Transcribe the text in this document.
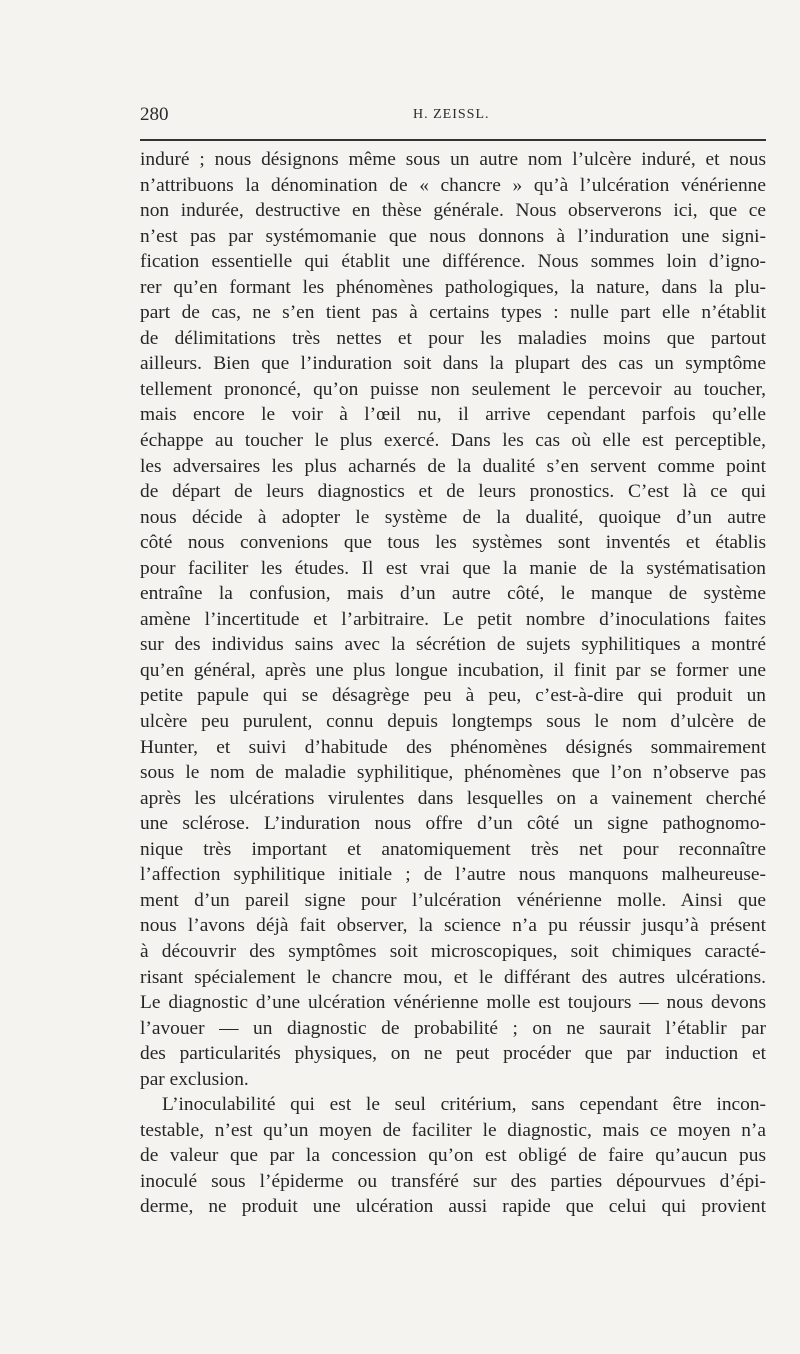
280	H. ZEISSL.
induré ; nous désignons même sous un autre nom l’ulcère induré, et nous
n’attribuons la dénomination de « chancre » qu’à l’ulcération vénérienne
non indurée, destructive en thèse générale. Nous observerons ici, que ce
n’est pas par systémomanie que nous donnons à l’induration une signi-
fication essentielle qui établit une différence. Nous sommes loin d’igno-
rer qu’en formant les phénomènes pathologiques, la nature, dans la plu-
part de cas, ne s’en tient pas à certains types : nulle part elle n’établit
de délimitations très nettes et pour les maladies moins que partout
ailleurs. Bien que l’induration soit dans la plupart des cas un symptôme
tellement prononcé, qu’on puisse non seulement le percevoir au toucher,
mais encore le voir à l’œil nu, il arrive cependant parfois qu’elle
échappe au toucher le plus exercé. Dans les cas où elle est perceptible,
les adversaires les plus acharnés de la dualité s’en servent comme point
de départ de leurs diagnostics et de leurs pronostics. C’est là ce qui
nous décide à adopter le système de la dualité, quoique d’un autre
côté nous convenions que tous les systèmes sont inventés et établis
pour faciliter les études. Il est vrai que la manie de la systématisation
entraîne la confusion, mais d’un autre côté, le manque de système
amène l’incertitude et l’arbitraire. Le petit nombre d’inoculations faites
sur des individus sains avec la sécrétion de sujets syphilitiques a montré
qu’en général, après une plus longue incubation, il finit par se former une
petite papule qui se désagrège peu à peu, c’est-à-dire qui produit un
ulcère peu purulent, connu depuis longtemps sous le nom d’ulcère de
Hunter, et suivi d’habitude des phénomènes désignés sommairement
sous le nom de maladie syphilitique, phénomènes que l’on n’observe pas
après les ulcérations virulentes dans lesquelles on a vainement cherché
une sclérose. L’induration nous offre d’un côté un signe pathognomo-
nique très important et anatomiquement très net pour reconnaître
l’affection syphilitique initiale ; de l’autre nous manquons malheureuse-
ment d’un pareil signe pour l’ulcération vénérienne molle. Ainsi que
nous l’avons déjà fait observer, la science n’a pu réussir jusqu’à présent
à découvrir des symptômes soit microscopiques, soit chimiques caracté-
risant spécialement le chancre mou, et le différant des autres ulcérations.
Le diagnostic d’une ulcération vénérienne molle est toujours — nous devons
l’avouer — un diagnostic de probabilité ; on ne saurait l’établir par
des particularités physiques, on ne peut procéder que par induction et
par exclusion.
L’inoculabilité qui est le seul critérium, sans cependant être incon-
testable, n’est qu’un moyen de faciliter le diagnostic, mais ce moyen n’a
de valeur que par la concession qu’on est obligé de faire qu’aucun pus
inoculé sous l’épiderme ou transféré sur des parties dépourvues d’épi-
derme, ne produit une ulcération aussi rapide que celui qui provient
